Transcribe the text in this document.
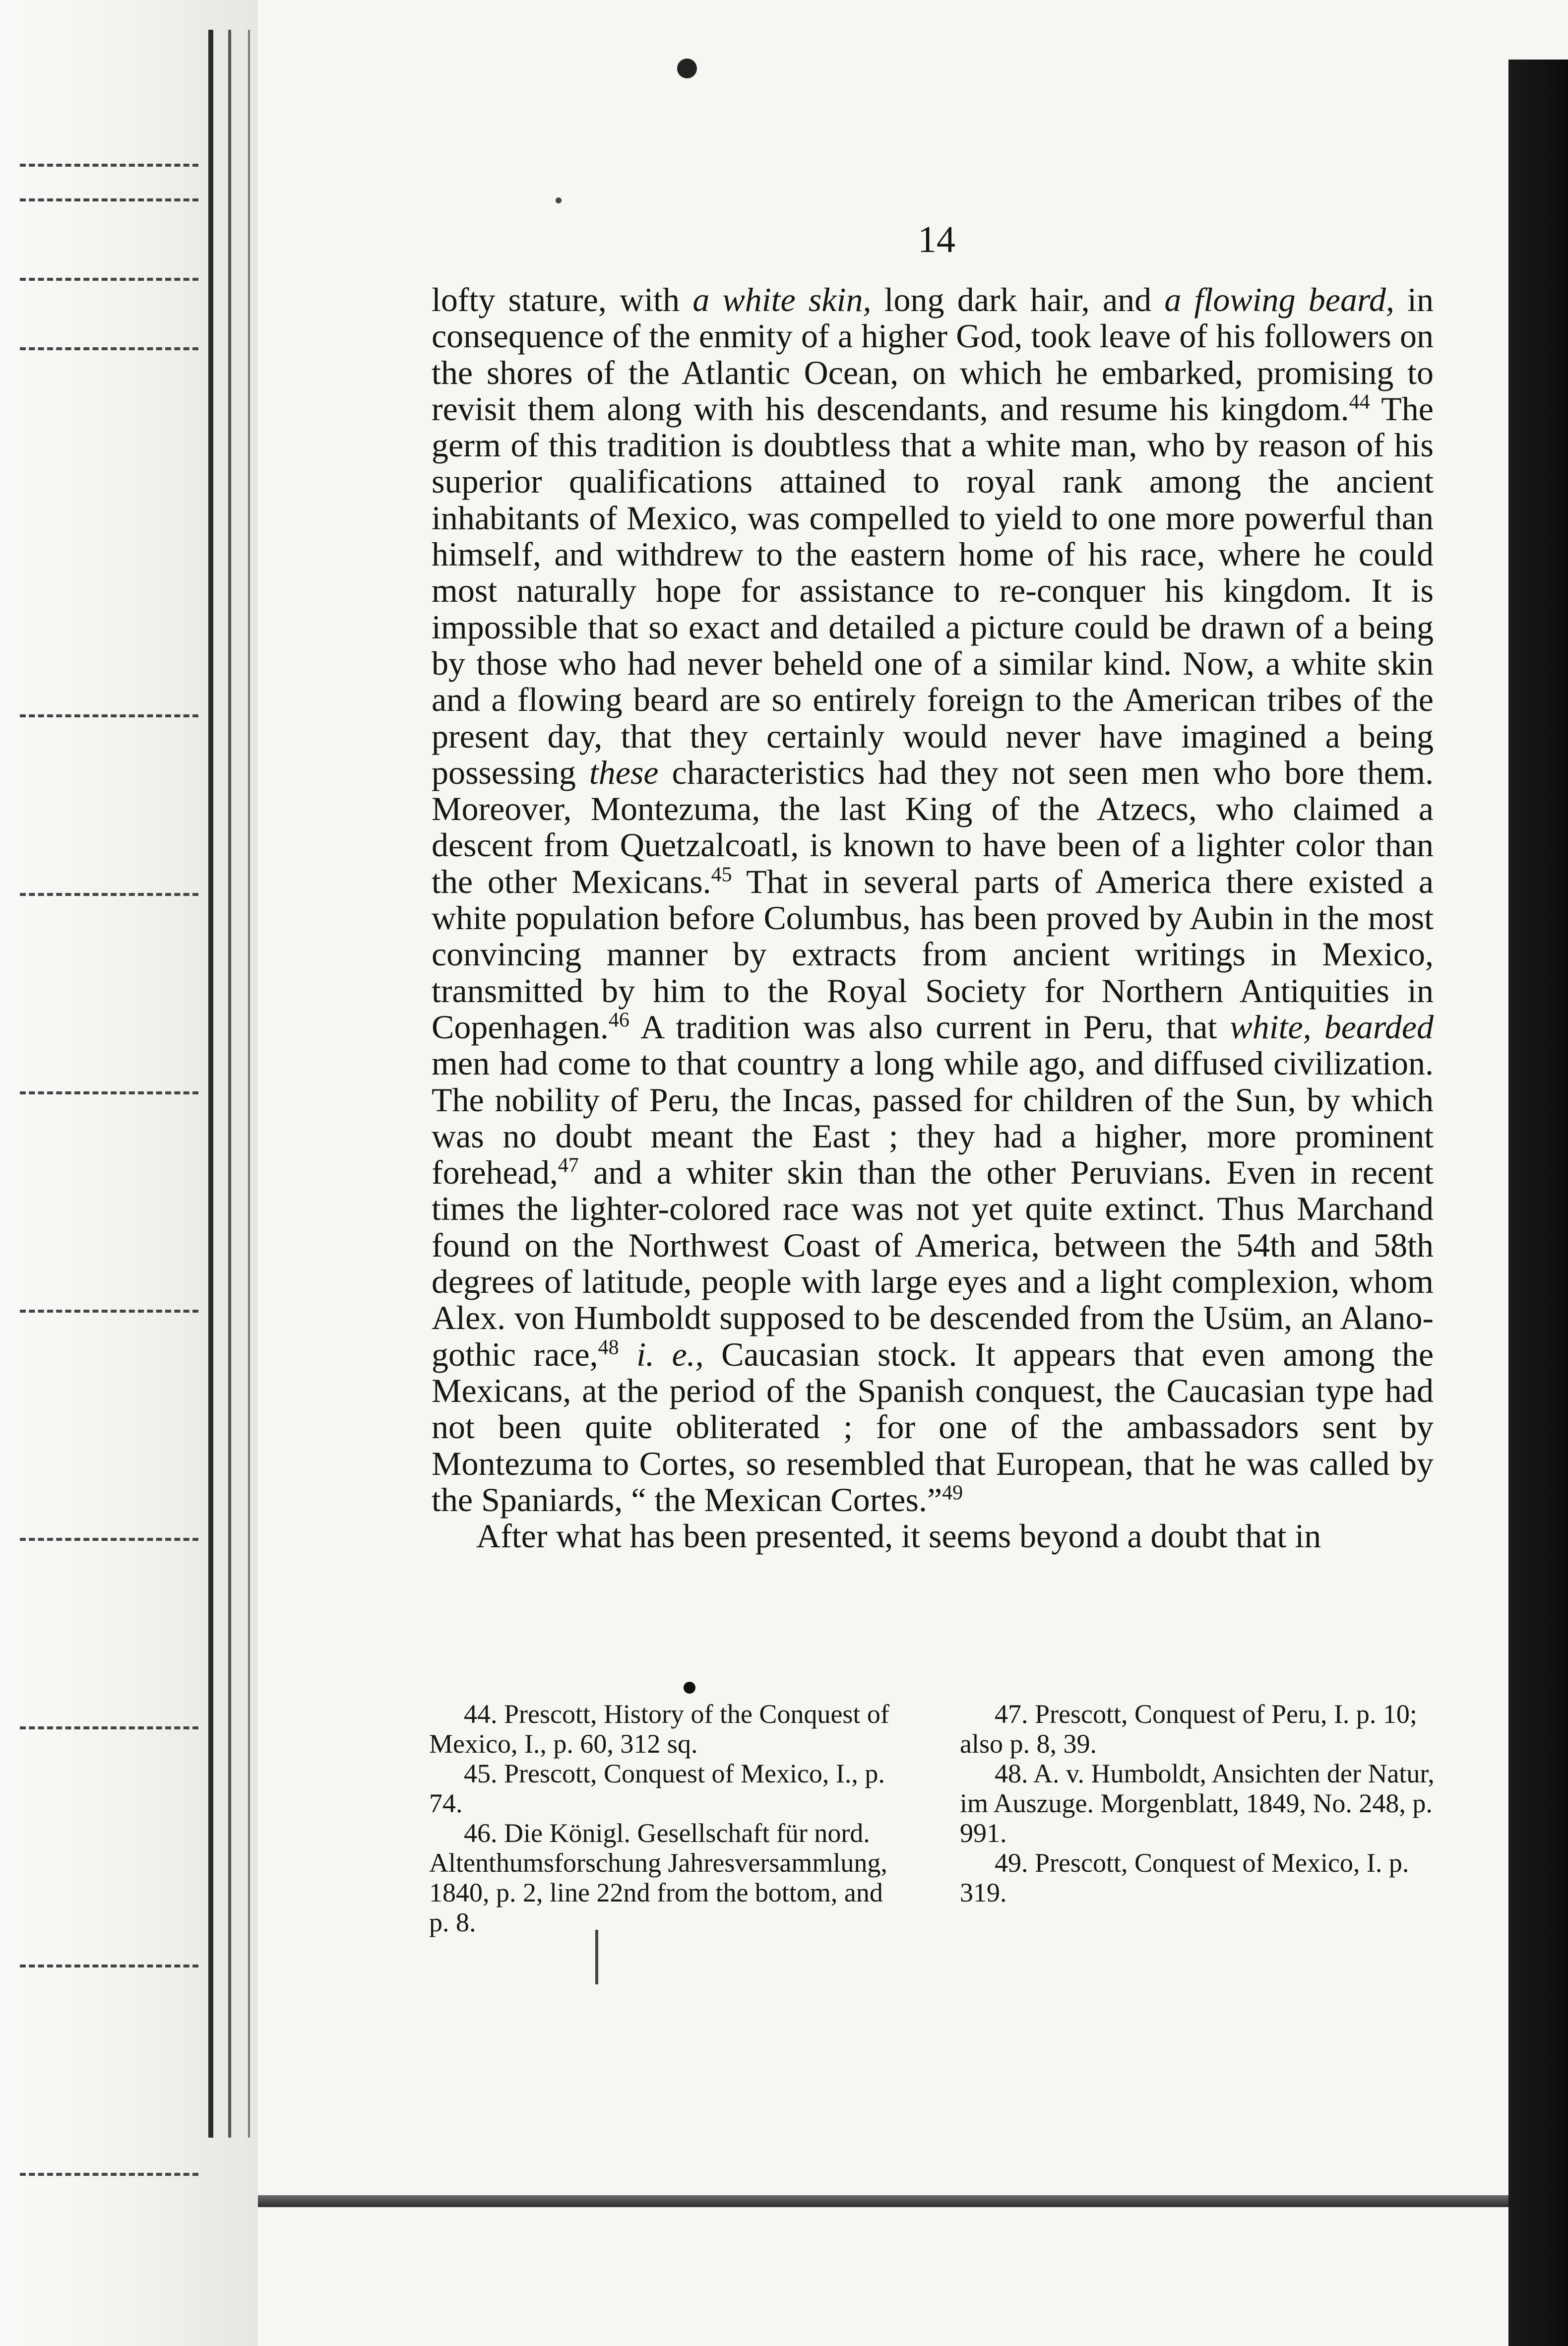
14

lofty stature, with a white skin, long dark hair, and a flowing beard, in consequence of the enmity of a higher God, took leave of his followers on the shores of the Atlantic Ocean, on which he embarked, promising to revisit them along with his descendants, and resume his kingdom.$^{44}$ The germ of this tradition is doubtless that a white man, who by reason of his superior qualifications attained to royal rank among the ancient inhabitants of Mexico, was compelled to yield to one more powerful than himself, and withdrew to the eastern home of his race, where he could most naturally hope for assistance to re-conquer his kingdom. It is impossible that so exact and detailed a picture could be drawn of a being by those who had never beheld one of a similar kind. Now, a white skin and a flowing beard are so entirely foreign to the American tribes of the present day, that they certainly would never have imagined a being possessing these characteristics had they not seen men who bore them. Moreover, Montezuma, the last King of the Atzecs, who claimed a descent from Quetzalcoatl, is known to have been of a lighter color than the other Mexicans.$^{45}$ That in several parts of America there existed a white population before Columbus, has been proved by Aubin in the most convincing manner by extracts from ancient writings in Mexico, transmitted by him to the Royal Society for Northern Antiquities in Copenhagen.$^{46}$ A tradition was also current in Peru, that white, bearded men had come to that country a long while ago, and diffused civilization. The nobility of Peru, the Incas, passed for children of the Sun, by which was no doubt meant the East ; they had a higher, more prominent forehead,$^{47}$ and a whiter skin than the other Peruvians. Even in recent times the lighter-colored race was not yet quite extinct. Thus Marchand found on the Northwest Coast of America, between the 54th and 58th degrees of latitude, people with large eyes and a light complexion, whom Alex. von Humboldt supposed to be descended from the Usüm, an Alano-gothic race,$^{48}$ i. e., Caucasian stock. It appears that even among the Mexicans, at the period of the Spanish conquest, the Caucasian type had not been quite obliterated ; for one of the ambassadors sent by Montezuma to Cortes, so resembled that European, that he was called by the Spaniards, “ the Mexican Cortes.”$^{49}$

After what has been presented, it seems beyond a doubt that in

44. Prescott, History of the Conquest of Mexico, I., p. 60, 312 sq.

45. Prescott, Conquest of Mexico, I., p. 74.

46. Die Königl. Gesellschaft für nord. Altenthumsforschung Jahresversammlung, 1840, p. 2, line 22nd from the bottom, and p. 8.

47. Prescott, Conquest of Peru, I. p. 10; also p. 8, 39.

48. A. v. Humboldt, Ansichten der Natur, im Auszuge. Morgenblatt, 1849, No. 248, p. 991.

49. Prescott, Conquest of Mexico, I. p. 319.
